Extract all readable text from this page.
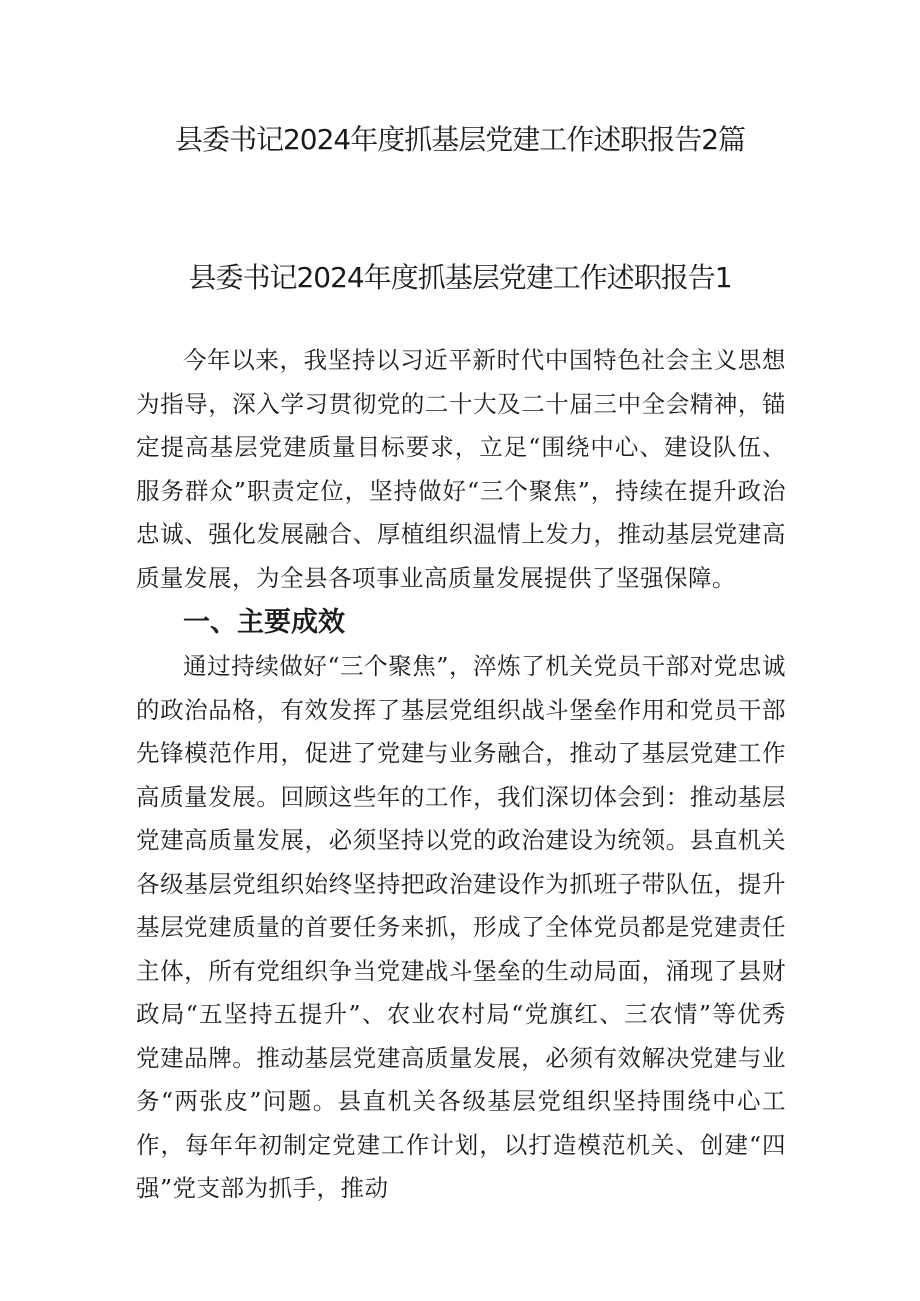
县委书记2024年度抓基层党建工作述职报告2篇
县委书记2024年度抓基层党建工作述职报告1

今年以来，我坚持以习近平新时代中国特色社会主义思想为指导，深入学习贯彻党的二十大及二十届三中全会精神，锚定提高基层党建质量目标要求，立足“围绕中心、建设队伍、服务群众”职责定位，坚持做好“三个聚焦”，持续在提升政治忠诚、强化发展融合、厚植组织温情上发力，推动基层党建高质量发展，为全县各项事业高质量发展提供了坚强保障。

一、主要成效

通过持续做好“三个聚焦”，淬炼了机关党员干部对党忠诚的政治品格，有效发挥了基层党组织战斗堡垒作用和党员干部先锋模范作用，促进了党建与业务融合，推动了基层党建工作高质量发展。回顾这些年的工作，我们深切体会到：推动基层党建高质量发展，必须坚持以党的政治建设为统领。县直机关各级基层党组织始终坚持把政治建设作为抓班子带队伍，提升基层党建质量的首要任务来抓，形成了全体党员都是党建责任主体，所有党组织争当党建战斗堡垒的生动局面，涌现了县财政局“五坚持五提升”、农业农村局“党旗红、三农情”等优秀党建品牌。推动基层党建高质量发展，必须有效解决党建与业务“两张皮”问题。县直机关各级基层党组织坚持围绕中心工作，每年年初制定党建工作计划，以打造模范机关、创建“四强”党支部为抓手，推动
